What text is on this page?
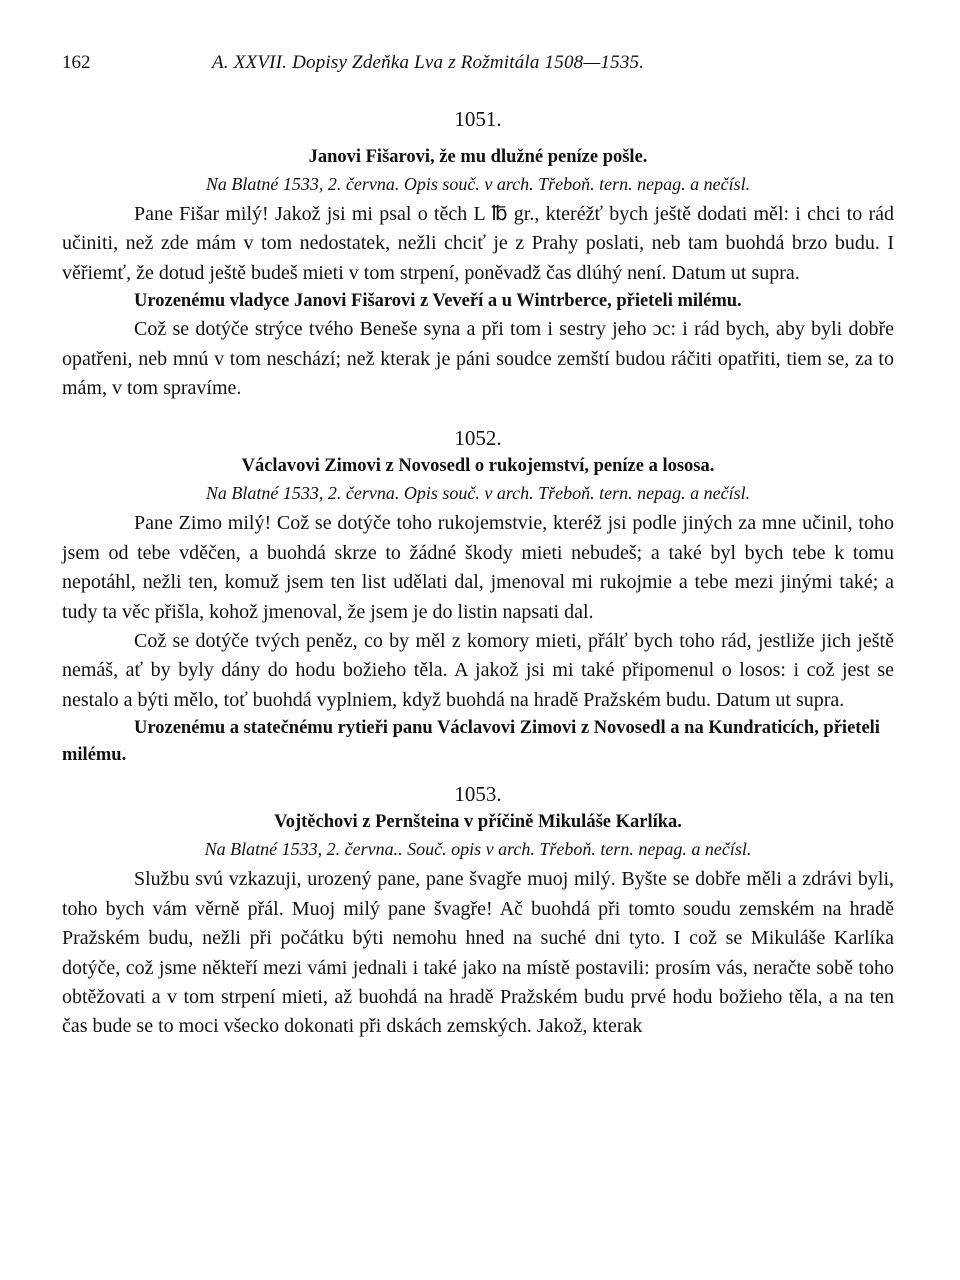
162	A. XXVII. Dopisy Zdeňka Lva z Rožmitála 1508—1535.

1051.

Janovi Fišarovi, že mu dlužné peníze pošle.

Na Blatné 1533, 2. června. Opis souč. v arch. Třeboň. tern. nepag. a nečísl.

Pane Fišar milý! Jakož jsi mi psal o těch L ℔ gr., kteréžť bych ještě dodati měl: i chci to rád učiniti, než zde mám v tom nedostatek, nežli chciť je z Prahy poslati, neb tam buohdá brzo budu. I věřiemť, že dotud ještě budeš mieti v tom strpení, poněvadž čas dlúhý není. Datum ut supra.

Urozenému vladyce Janovi Fišarovi z Veveří a u Wintrberce, přieteli milému.

Což se dotýče strýce tvého Beneše syna a při tom i sestry jeho ɔc: i rád bych, aby byli dobře opatřeni, neb mnú v tom neschází; než kterak je páni soudce zemští budou ráčiti opatřiti, tiem se, za to mám, v tom spravíme.

1052.

Václavovi Zimovi z Novosedl o rukojemství, peníze a lososa.

Na Blatné 1533, 2. června. Opis souč. v arch. Třeboň. tern. nepag. a nečísl.

Pane Zimo milý! Což se dotýče toho rukojemstvie, kteréž jsi podle jiných za mne učinil, toho jsem od tebe vděčen, a buohdá skrze to žádné škody mieti nebudeš; a také byl bych tebe k tomu nepotáhl, nežli ten, komuž jsem ten list udělati dal, jmenoval mi rukojmie a tebe mezi jinými také; a tudy ta věc přišla, kohož jmenoval, že jsem je do listin napsati dal.

Což se dotýče tvých peněz, co by měl z komory mieti, přálť bych toho rád, jestliže jich ještě nemáš, ať by byly dány do hodu božieho těla. A jakož jsi mi také připomenul o losos: i což jest se nestalo a býti mělo, toť buohdá vyplniem, když buohdá na hradě Pražském budu. Datum ut supra.

Urozenému a statečnému rytieři panu Václavovi Zimovi z Novosedl a na Kundraticích, přieteli milému.

1053.

Vojtěchovi z Pernšteina v příčině Mikuláše Karlíka.

Na Blatné 1533, 2. června.. Souč. opis v arch. Třeboň. tern. nepag. a nečísl.

Službu svú vzkazuji, urozený pane, pane švagře muoj milý. Byšte se dobře měli a zdrávi byli, toho bych vám věrně přál. Muoj milý pane švagře! Ač buohdá při tomto soudu zemském na hradě Pražském budu, nežli při počátku býti nemohu hned na suché dni tyto. I což se Mikuláše Karlíka dotýče, což jsme někteří mezi vámi jednali i také jako na místě postavili: prosím vás, neračte sobě toho obtěžovati a v tom strpení mieti, až buohdá na hradě Pražském budu prvé hodu božieho těla, a na ten čas bude se to moci všecko dokonati při dskách zemských. Jakož, kterak
